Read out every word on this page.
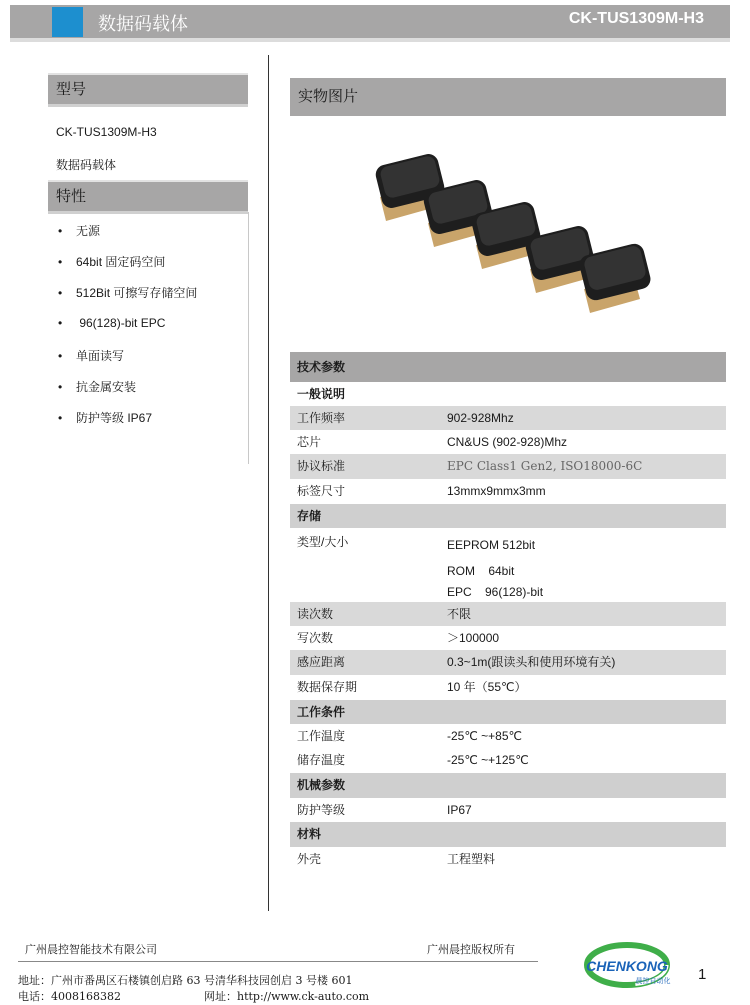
数据码载体	CK-TUS1309M-H3
型号
CK-TUS1309M-H3
数据码载体
特性
• 无源
• 64bit 固定码空间
• 512Bit 可擦写存储空间
• 96(128)-bit EPC
• 单面读写
• 抗金属安装
• 防护等级 IP67
实物图片
技术参数
一般说明
工作频率	902-928Mhz
芯片	CN&US (902-928)Mhz
协议标准	EPC Class1 Gen2, ISO18000-6C
标签尺寸	13mmx9mmx3mm
存储
类型/大小	EEPROM 512bit
ROM    64bit
EPC    96(128)-bit
读次数	不限
写次数	＞100000
感应距离	0.3~1m(跟读头和使用环境有关)
数据保存期	10 年（55℃）
工作条件
工作温度	-25℃ ~+85℃
储存温度	-25℃ ~+125℃
机械参数
防护等级	IP67
材料
外壳	工程塑料
广州晨控智能技术有限公司	广州晨控版权所有
地址：广州市番禺区石楼镇创启路 63 号清华科技园创启 3 号楼 601
电话：4008168382	网址：http://www.ck-auto.com
CHENKONG
晨控自动化 1
